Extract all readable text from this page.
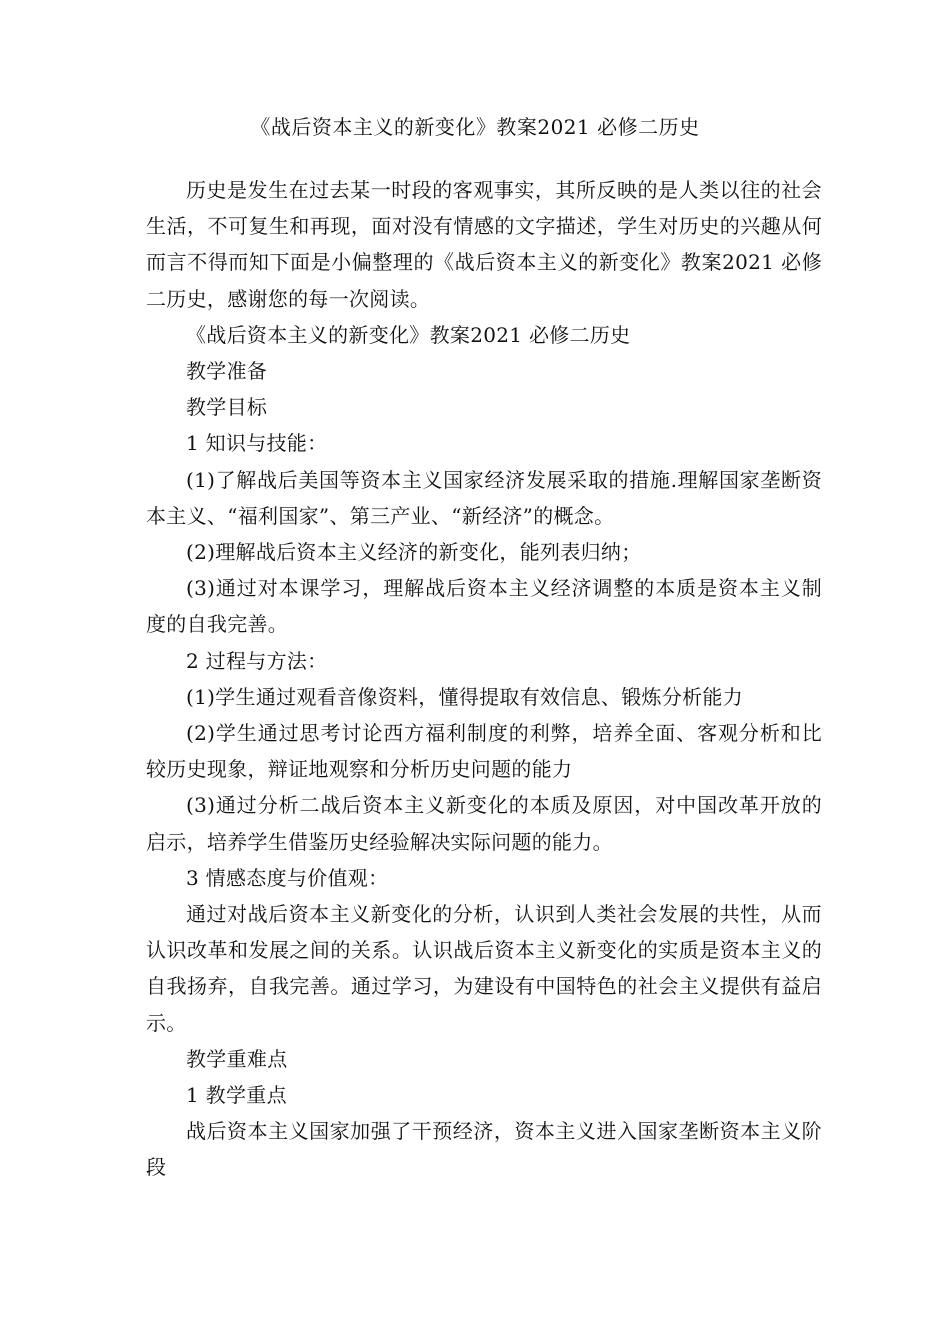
《战后资本主义的新变化》教案2021 必修二历史

历史是发生在过去某一时段的客观事实，其所反映的是人类以往的社会生活，不可复生和再现，面对没有情感的文字描述，学生对历史的兴趣从何而言不得而知下面是小偏整理的《战后资本主义的新变化》教案2021 必修二历史，感谢您的每一次阅读。

《战后资本主义的新变化》教案2021 必修二历史

教学准备

教学目标

1 知识与技能：

(1)了解战后美国等资本主义国家经济发展采取的措施.理解国家垄断资本主义、“福利国家”、第三产业、“新经济”的概念。

(2)理解战后资本主义经济的新变化，能列表归纳；

(3)通过对本课学习，理解战后资本主义经济调整的本质是资本主义制度的自我完善。

2 过程与方法：

(1)学生通过观看音像资料，懂得提取有效信息、锻炼分析能力

(2)学生通过思考讨论西方福利制度的利弊，培养全面、客观分析和比较历史现象，辩证地观察和分析历史问题的能力

(3)通过分析二战后资本主义新变化的本质及原因，对中国改革开放的启示，培养学生借鉴历史经验解决实际问题的能力。

3 情感态度与价值观：

通过对战后资本主义新变化的分析，认识到人类社会发展的共性，从而认识改革和发展之间的关系。认识战后资本主义新变化的实质是资本主义的自我扬弃，自我完善。通过学习，为建设有中国特色的社会主义提供有益启示。

教学重难点

1 教学重点

战后资本主义国家加强了干预经济，资本主义进入国家垄断资本主义阶段
